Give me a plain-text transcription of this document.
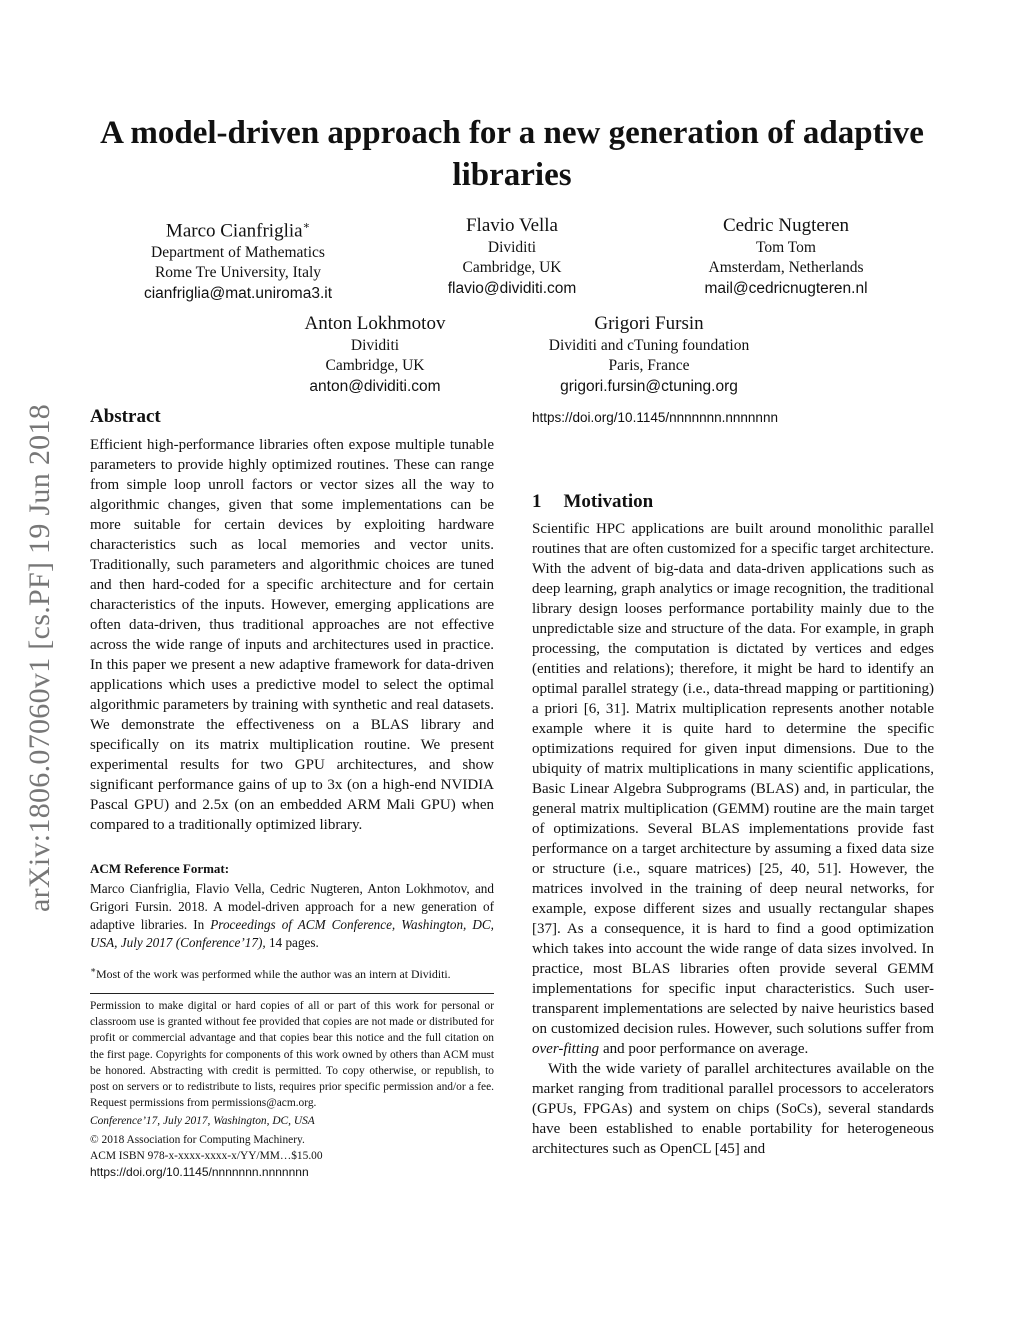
arXiv:1806.07060v1 [cs.PF] 19 Jun 2018
A model-driven approach for a new generation of adaptive libraries
Marco Cianfriglia∗
Department of Mathematics
Rome Tre University, Italy
cianfriglia@mat.uniroma3.it
Flavio Vella
Dividiti
Cambridge, UK
flavio@dividiti.com
Cedric Nugteren
Tom Tom
Amsterdam, Netherlands
mail@cedricnugteren.nl
Anton Lokhmotov
Dividiti
Cambridge, UK
anton@dividiti.com
Grigori Fursin
Dividiti and cTuning foundation
Paris, France
grigori.fursin@ctuning.org
Abstract

Efficient high-performance libraries often expose multiple tunable parameters to provide highly optimized routines. These can range from simple loop unroll factors or vector sizes all the way to algorithmic changes, given that some implementations can be more suitable for certain devices by exploiting hardware characteristics such as local memories and vector units. Traditionally, such parameters and algorithmic choices are tuned and then hard-coded for a specific architecture and for certain characteristics of the inputs. However, emerging applications are often data-driven, thus traditional approaches are not effective across the wide range of inputs and architectures used in practice. In this paper we present a new adaptive framework for data-driven applications which uses a predictive model to select the optimal algorithmic parameters by training with synthetic and real datasets. We demonstrate the effectiveness on a BLAS library and specifically on its matrix multiplication routine. We present experimental results for two GPU architectures, and show significant performance gains of up to 3x (on a high-end NVIDIA Pascal GPU) and 2.5x (on an embedded ARM Mali GPU) when compared to a traditionally optimized library.

ACM Reference Format:

Marco Cianfriglia, Flavio Vella, Cedric Nugteren, Anton Lokhmotov, and Grigori Fursin. 2018. A model-driven approach for a new generation of adaptive libraries. In Proceedings of ACM Conference, Washington, DC, USA, July 2017 (Conference’17), 14 pages.

∗Most of the work was performed while the author was an intern at Dividiti.

Permission to make digital or hard copies of all or part of this work for personal or classroom use is granted without fee provided that copies are not made or distributed for profit or commercial advantage and that copies bear this notice and the full citation on the first page. Copyrights for components of this work owned by others than ACM must be honored. Abstracting with credit is permitted. To copy otherwise, or republish, to post on servers or to redistribute to lists, requires prior specific permission and/or a fee. Request permissions from permissions@acm.org.

Conference’17, July 2017, Washington, DC, USA

© 2018 Association for Computing Machinery.

ACM ISBN 978-x-xxxx-xxxx-x/YY/MM…$15.00

https://doi.org/10.1145/nnnnnnn.nnnnnnn

https://doi.org/10.1145/nnnnnnn.nnnnnnn
1 Motivation

Scientific HPC applications are built around monolithic parallel routines that are often customized for a specific target architecture. With the advent of big-data and data-driven applications such as deep learning, graph analytics or image recognition, the traditional library design looses performance portability mainly due to the unpredictable size and structure of the data. For example, in graph processing, the computation is dictated by vertices and edges (entities and relations); therefore, it might be hard to identify an optimal parallel strategy (i.e., data-thread mapping or partitioning) a priori [6, 31]. Matrix multiplication represents another notable example where it is quite hard to determine the specific optimizations required for given input dimensions. Due to the ubiquity of matrix multiplications in many scientific applications, Basic Linear Algebra Subprograms (BLAS) and, in particular, the general matrix multiplication (GEMM) routine are the main target of optimizations. Several BLAS implementations provide fast performance on a target architecture by assuming a fixed data size or structure (i.e., square matrices) [25, 40, 51]. However, the matrices involved in the training of deep neural networks, for example, expose different sizes and usually rectangular shapes [37]. As a consequence, it is hard to find a good optimization which takes into account the wide range of data sizes involved. In practice, most BLAS libraries often provide several GEMM implementations for specific input characteristics. Such user-transparent implementations are selected by naive heuristics based on customized decision rules. However, such solutions suffer from over-fitting and poor performance on average.

With the wide variety of parallel architectures available on the market ranging from traditional parallel processors to accelerators (GPUs, FPGAs) and system on chips (SoCs), several standards have been established to enable portability for heterogeneous architectures such as OpenCL [45] and
